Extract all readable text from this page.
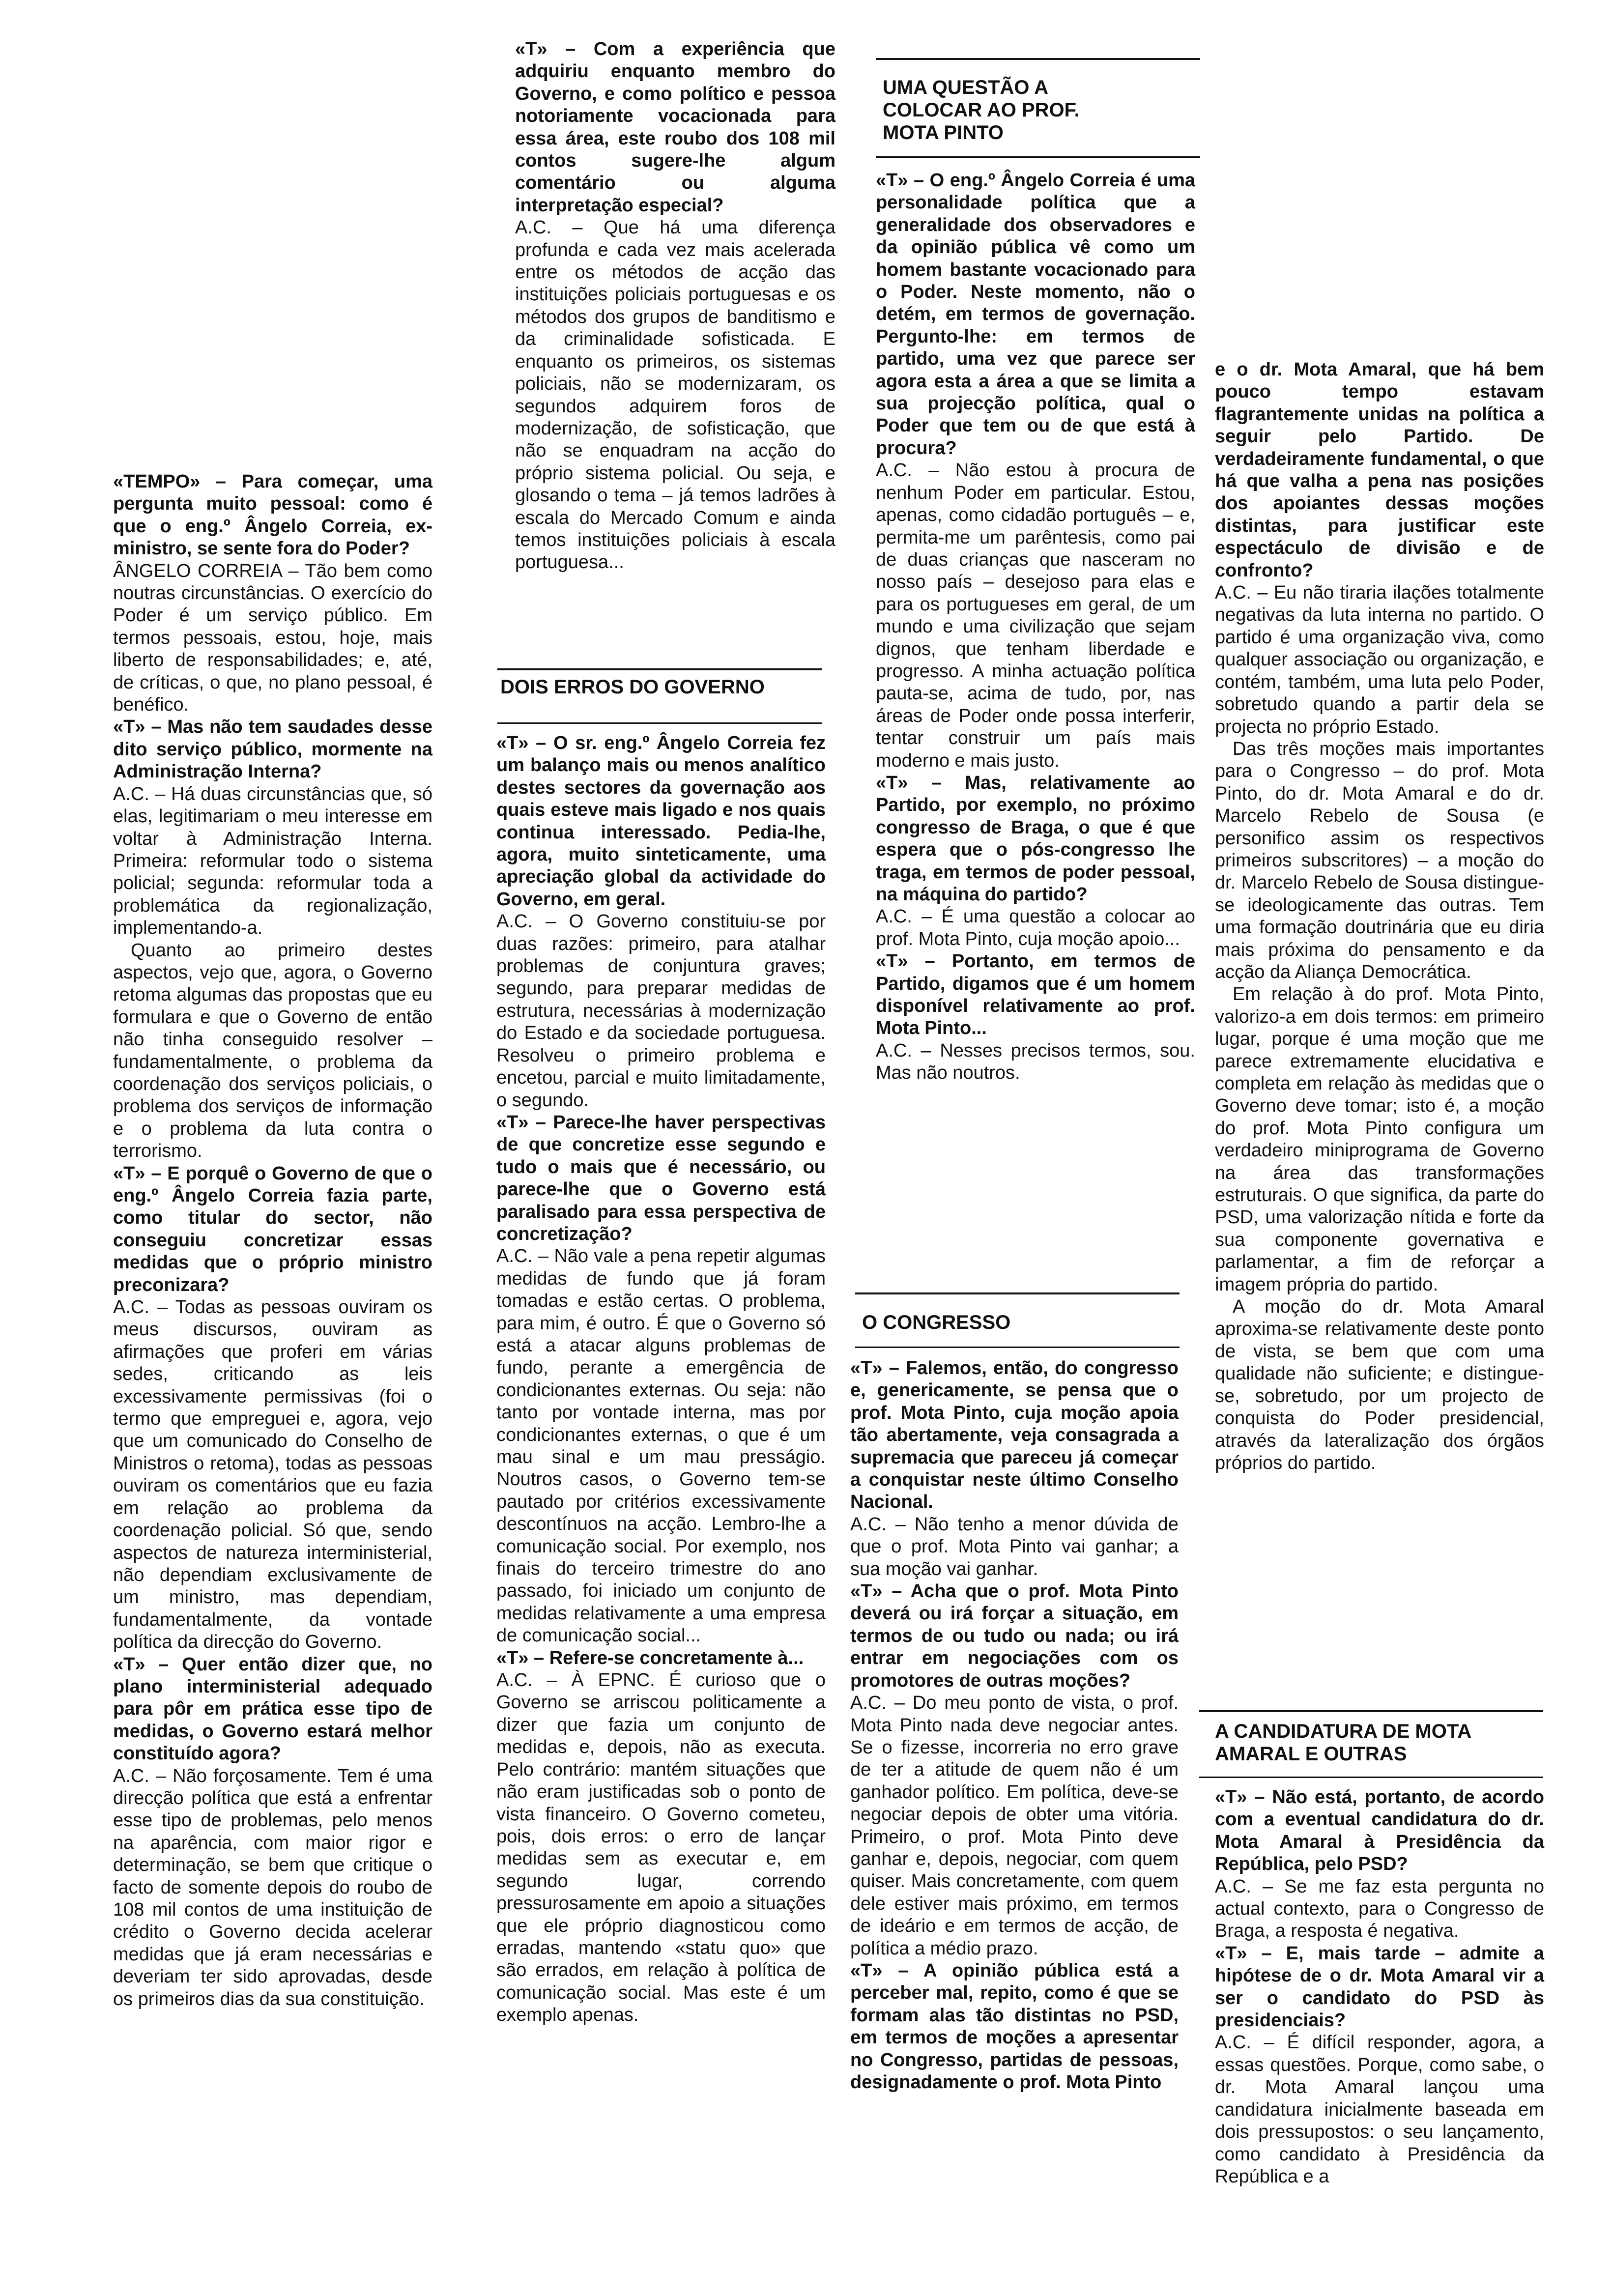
«TEMPO» – Para começar, uma pergunta muito pessoal: como é que o eng.º Ângelo Correia, ex-ministro, se sente fora do Poder?

ÂNGELO CORREIA – Tão bem como noutras circunstâncias. O exercício do Poder é um serviço público. Em termos pessoais, estou, hoje, mais liberto de responsabilidades; e, até, de críticas, o que, no plano pessoal, é benéfico.

«T» – Mas não tem saudades desse dito serviço público, mormente na Administração Interna?

A.C. – Há duas circunstâncias que, só elas, legitimariam o meu interesse em voltar à Administração Interna. Primeira: reformular todo o sistema policial; segunda: reformular toda a problemática da regionalização, implementando-a.

Quanto ao primeiro destes aspectos, vejo que, agora, o Governo retoma algumas das propostas que eu formulara e que o Governo de então não tinha conseguido resolver – fundamentalmente, o problema da coordenação dos serviços policiais, o problema dos serviços de informação e o problema da luta contra o terrorismo.

«T» – E porquê o Governo de que o eng.º Ângelo Correia fazia parte, como titular do sector, não conseguiu concretizar essas medidas que o próprio ministro preconizara?

A.C. – Todas as pessoas ouviram os meus discursos, ouviram as afirmações que proferi em várias sedes, criticando as leis excessivamente permissivas (foi o termo que empreguei e, agora, vejo que um comunicado do Conselho de Ministros o retoma), todas as pessoas ouviram os comentários que eu fazia em relação ao problema da coordenação policial. Só que, sendo aspectos de natureza interministerial, não dependiam exclusivamente de um ministro, mas dependiam, fundamentalmente, da vontade política da direcção do Governo.

«T» – Quer então dizer que, no plano interministerial adequado para pôr em prática esse tipo de medidas, o Governo estará melhor constituído agora?

A.C. – Não forçosamente. Tem é uma direcção política que está a enfrentar esse tipo de problemas, pelo menos na aparência, com maior rigor e determinação, se bem que critique o facto de somente depois do roubo de 108 mil contos de uma instituição de crédito o Governo decida acelerar medidas que já eram necessárias e deveriam ter sido aprovadas, desde os primeiros dias da sua constituição.

«T» – Com a experiência que adquiriu enquanto membro do Governo, e como político e pessoa notoriamente vocacionada para essa área, este roubo dos 108 mil contos sugere-lhe algum comentário ou alguma interpretação especial?

A.C. – Que há uma diferença profunda e cada vez mais acelerada entre os métodos de acção das instituições policiais portuguesas e os métodos dos grupos de banditismo e da criminalidade sofisticada. E enquanto os primeiros, os sistemas policiais, não se modernizaram, os segundos adquirem foros de modernização, de sofisticação, que não se enquadram na acção do próprio sistema policial. Ou seja, e glosando o tema – já temos ladrões à escala do Mercado Comum e ainda temos instituições policiais à escala portuguesa...

DOIS ERROS DO GOVERNO

«T» – O sr. eng.º Ângelo Correia fez um balanço mais ou menos analítico destes sectores da governação aos quais esteve mais ligado e nos quais continua interessado. Pedia-lhe, agora, muito sinteticamente, uma apreciação global da actividade do Governo, em geral.

A.C. – O Governo constituiu-se por duas razões: primeiro, para atalhar problemas de conjuntura graves; segundo, para preparar medidas de estrutura, necessárias à modernização do Estado e da sociedade portuguesa. Resolveu o primeiro problema e encetou, parcial e muito limitadamente, o segundo.

«T» – Parece-lhe haver perspectivas de que concretize esse segundo e tudo o mais que é necessário, ou parece-lhe que o Governo está paralisado para essa perspectiva de concretização?

A.C. – Não vale a pena repetir algumas medidas de fundo que já foram tomadas e estão certas. O problema, para mim, é outro. É que o Governo só está a atacar alguns problemas de fundo, perante a emergência de condicionantes externas. Ou seja: não tanto por vontade interna, mas por condicionantes externas, o que é um mau sinal e um mau presságio. Noutros casos, o Governo tem-se pautado por critérios excessivamente descontínuos na acção. Lembro-lhe a comunicação social. Por exemplo, nos finais do terceiro trimestre do ano passado, foi iniciado um conjunto de medidas relativamente a uma empresa de comunicação social...

«T» – Refere-se concretamente à...

A.C. – À EPNC. É curioso que o Governo se arriscou politicamente a dizer que fazia um conjunto de medidas e, depois, não as executa. Pelo contrário: mantém situações que não eram justificadas sob o ponto de vista financeiro. O Governo cometeu, pois, dois erros: o erro de lançar medidas sem as executar e, em segundo lugar, correndo pressurosamente em apoio a situações que ele próprio diagnosticou como erradas, mantendo «statu quo» que são errados, em relação à política de comunicação social. Mas este é um exemplo apenas.

UMA QUESTÃO A COLOCAR AO PROF. MOTA PINTO

«T» – O eng.º Ângelo Correia é uma personalidade política que a generalidade dos observadores e da opinião pública vê como um homem bastante vocacionado para o Poder. Neste momento, não o detém, em termos de governação. Pergunto-lhe: em termos de partido, uma vez que parece ser agora esta a área a que se limita a sua projecção política, qual o Poder que tem ou de que está à procura?

A.C. – Não estou à procura de nenhum Poder em particular. Estou, apenas, como cidadão português – e, permita-me um parêntesis, como pai de duas crianças que nasceram no nosso país – desejoso para elas e para os portugueses em geral, de um mundo e uma civilização que sejam dignos, que tenham liberdade e progresso. A minha actuação política pauta-se, acima de tudo, por, nas áreas de Poder onde possa interferir, tentar construir um país mais moderno e mais justo.

«T» – Mas, relativamente ao Partido, por exemplo, no próximo congresso de Braga, o que é que espera que o pós-congresso lhe traga, em termos de poder pessoal, na máquina do partido?

A.C. – É uma questão a colocar ao prof. Mota Pinto, cuja moção apoio...

«T» – Portanto, em termos de Partido, digamos que é um homem disponível relativamente ao prof. Mota Pinto...

A.C. – Nesses precisos termos, sou. Mas não noutros.

O CONGRESSO

«T» – Falemos, então, do congresso e, genericamente, se pensa que o prof. Mota Pinto, cuja moção apoia tão abertamente, veja consagrada a supremacia que pareceu já começar a conquistar neste último Conselho Nacional.

A.C. – Não tenho a menor dúvida de que o prof. Mota Pinto vai ganhar; a sua moção vai ganhar.

«T» – Acha que o prof. Mota Pinto deverá ou irá forçar a situação, em termos de ou tudo ou nada; ou irá entrar em negociações com os promotores de outras moções?

A.C. – Do meu ponto de vista, o prof. Mota Pinto nada deve negociar antes. Se o fizesse, incorreria no erro grave de ter a atitude de quem não é um ganhador político. Em política, deve-se negociar depois de obter uma vitória. Primeiro, o prof. Mota Pinto deve ganhar e, depois, negociar, com quem quiser. Mais concretamente, com quem dele estiver mais próximo, em termos de ideário e em termos de acção, de política a médio prazo.

«T» – A opinião pública está a perceber mal, repito, como é que se formam alas tão distintas no PSD, em termos de moções a apresentar no Congresso, partidas de pessoas, designadamente o prof. Mota Pinto

e o dr. Mota Amaral, que há bem pouco tempo estavam flagrantemente unidas na política a seguir pelo Partido. De verdadeiramente fundamental, o que há que valha a pena nas posições dos apoiantes dessas moções distintas, para justificar este espectáculo de divisão e de confronto?

A.C. – Eu não tiraria ilações totalmente negativas da luta interna no partido. O partido é uma organização viva, como qualquer associação ou organização, e contém, também, uma luta pelo Poder, sobretudo quando a partir dela se projecta no próprio Estado.

Das três moções mais importantes para o Congresso – do prof. Mota Pinto, do dr. Mota Amaral e do dr. Marcelo Rebelo de Sousa (e personifico assim os respectivos primeiros subscritores) – a moção do dr. Marcelo Rebelo de Sousa distingue-se ideologicamente das outras. Tem uma formação doutrinária que eu diria mais próxima do pensamento e da acção da Aliança Democrática.

Em relação à do prof. Mota Pinto, valorizo-a em dois termos: em primeiro lugar, porque é uma moção que me parece extremamente elucidativa e completa em relação às medidas que o Governo deve tomar; isto é, a moção do prof. Mota Pinto configura um verdadeiro miniprograma de Governo na área das transformações estruturais. O que significa, da parte do PSD, uma valorização nítida e forte da sua componente governativa e parlamentar, a fim de reforçar a imagem própria do partido.

A moção do dr. Mota Amaral aproxima-se relativamente deste ponto de vista, se bem que com uma qualidade não suficiente; e distingue-se, sobretudo, por um projecto de conquista do Poder presidencial, através da lateralização dos órgãos próprios do partido.

A CANDIDATURA DE MOTA AMARAL E OUTRAS

«T» – Não está, portanto, de acordo com a eventual candidatura do dr. Mota Amaral à Presidência da República, pelo PSD?

A.C. – Se me faz esta pergunta no actual contexto, para o Congresso de Braga, a resposta é negativa.

«T» – E, mais tarde – admite a hipótese de o dr. Mota Amaral vir a ser o candidato do PSD às presidenciais?

A.C. – É difícil responder, agora, a essas questões. Porque, como sabe, o dr. Mota Amaral lançou uma candidatura inicialmente baseada em dois pressupostos: o seu lançamento, como candidato à Presidência da República e a
